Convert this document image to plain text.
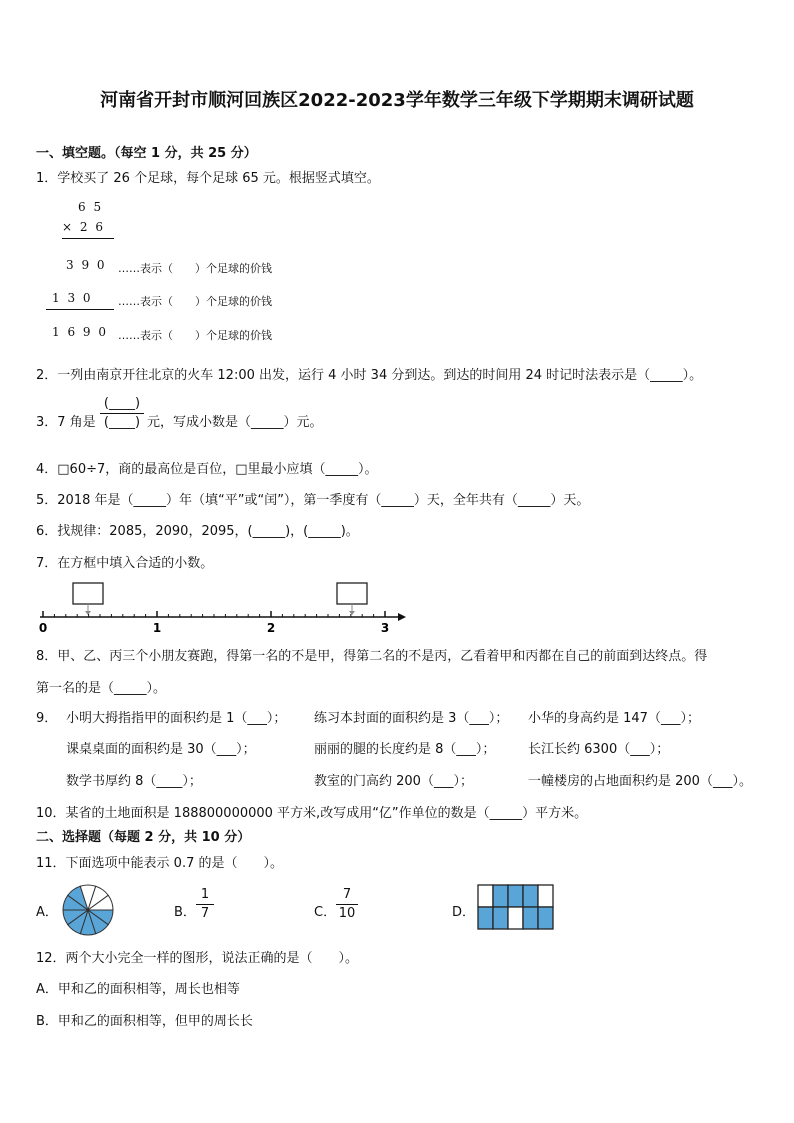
河南省开封市顺河回族区2022-2023学年数学三年级下学期期末调研试题
一、填空题。（每空 1 分，共 25 分）
1．学校买了 26 个足球，每个足球 65 元。根据竖式填空。
6 5
× 2 6
3 9 0 ……表示（　　）个足球的价钱
1 3 0 ……表示（　　）个足球的价钱
1 6 9 0 ……表示（　　）个足球的价钱
2．一列由南京开往北京的火车 12:00 出发，运行 4 小时 34 分到达。到达的时间用 24 时记时法表示是（_____）。
3．7 角是
(____)
(____) 元，写成小数是（_____）元。
4．□60÷7，商的最高位是百位，□里最小应填（_____）。
5．2018 年是（_____）年（填“平”或“闰”），第一季度有（_____）天，全年共有（_____）天。
6．找规律：2085，2090，2095，(_____)，(_____)。
7．在方框中填入合适的小数。
0	1	2	3
8．甲、乙、丙三个小朋友赛跑，得第一名的不是甲，得第二名的不是丙，乙看着甲和丙都在自己的前面到达终点。得
第一名的是（_____）。
9． 小明大拇指指甲的面积约是 1（___）； 练习本封面的面积约是 3（___）； 小华的身高约是 147（___）；
课桌桌面的面积约是 30（___）；	丽丽的腿的长度约是 8（___）；	长江长约 6300（___）；
数学书厚约 8（____）；	教室的门高约 200（___）；	一幢楼房的占地面积约是 200（___）。
10．某省的土地面积是 188800000000 平方米,改写成用“亿”作单位的数是（_____）平方米。
二、选择题（每题 2 分，共 10 分）
11．下面选项中能表示 0.7 的是（　　）。
A．	B．
1
7	C．
7
10	D．
12．两个大小完全一样的图形，说法正确的是（　　）。
A．甲和乙的面积相等，周长也相等
B．甲和乙的面积相等，但甲的周长长
